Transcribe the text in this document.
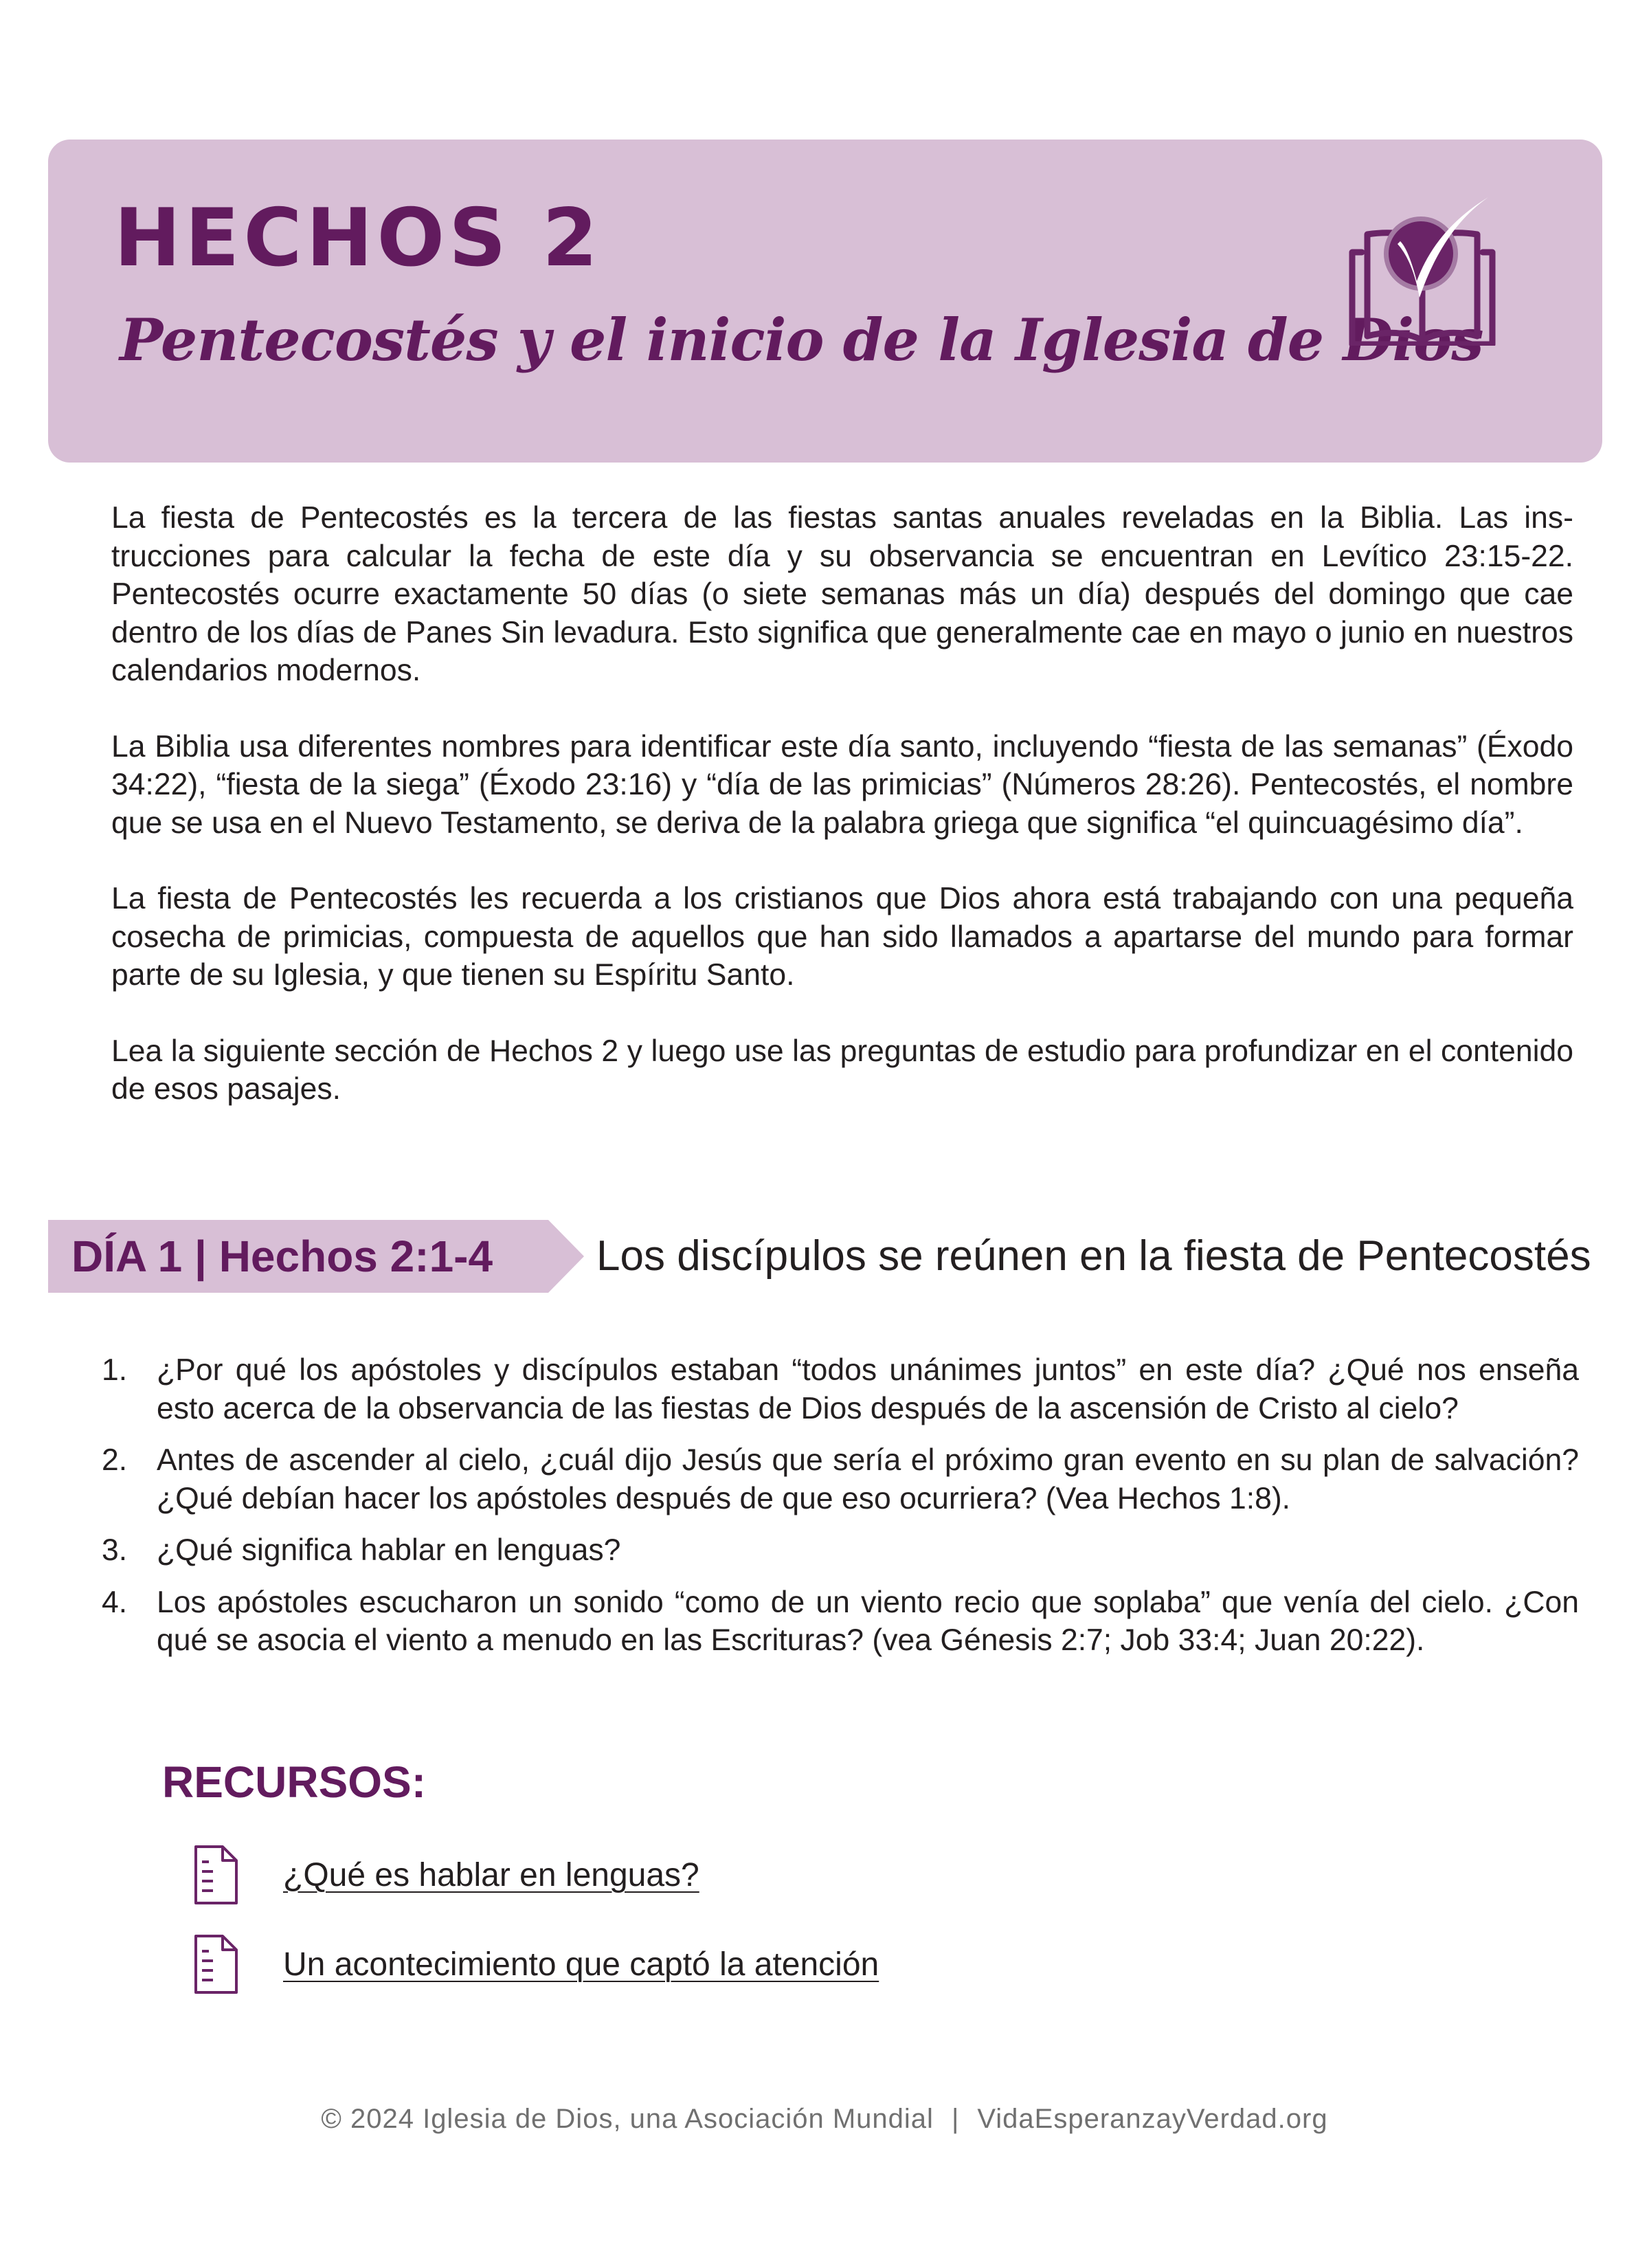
HECHOS 2
Pentecostés y el inicio de la Iglesia de Dios

La fiesta de Pentecostés es la tercera de las fiestas santas anuales reveladas en la Biblia. Las instrucciones para calcular la fecha de este día y su observancia se encuentran en Levítico 23:15-22. Pentecostés ocurre exactamente 50 días (o siete semanas más un día) después del domingo que cae dentro de los días de Panes Sin levadura. Esto significa que generalmente cae en mayo o junio en nuestros calendarios modernos.

La Biblia usa diferentes nombres para identificar este día santo, incluyendo “fiesta de las semanas” (Éxodo 34:22), “fiesta de la siega” (Éxodo 23:16) y “día de las primicias” (Números 28:26). Pentecostés, el nombre que se usa en el Nuevo Testamento, se deriva de la palabra griega que significa “el quincuagésimo día”.

La fiesta de Pentecostés les recuerda a los cristianos que Dios ahora está trabajando con una pequeña cosecha de primicias, compuesta de aquellos que han sido llamados a apartarse del mundo para formar parte de su Iglesia, y que tienen su Espíritu Santo.

Lea la siguiente sección de Hechos 2 y luego use las preguntas de estudio para profundizar en el contenido de esos pasajes.

DÍA 1 | Hechos 2:1-4 Los discípulos se reúnen en la fiesta de Pentecostés
1. ¿Por qué los apóstoles y discípulos estaban “todos unánimes juntos” en este día? ¿Qué nos enseña esto acerca de la observancia de las fiestas de Dios después de la ascensión de Cristo al cielo?
2. Antes de ascender al cielo, ¿cuál dijo Jesús que sería el próximo gran evento en su plan de salvación? ¿Qué debían hacer los apóstoles después de que eso ocurriera? (Vea Hechos 1:8).
3. ¿Qué significa hablar en lenguas?
4. Los apóstoles escucharon un sonido “como de un viento recio que soplaba” que venía del cielo. ¿Con qué se asocia el viento a menudo en las Escrituras? (vea Génesis 2:7; Job 33:4; Juan 20:22).
RECURSOS:
¿Qué es hablar en lenguas?
Un acontecimiento que captó la atención
© 2024 Iglesia de Dios, una Asociación Mundial | VidaEsperanzayVerdad.org
